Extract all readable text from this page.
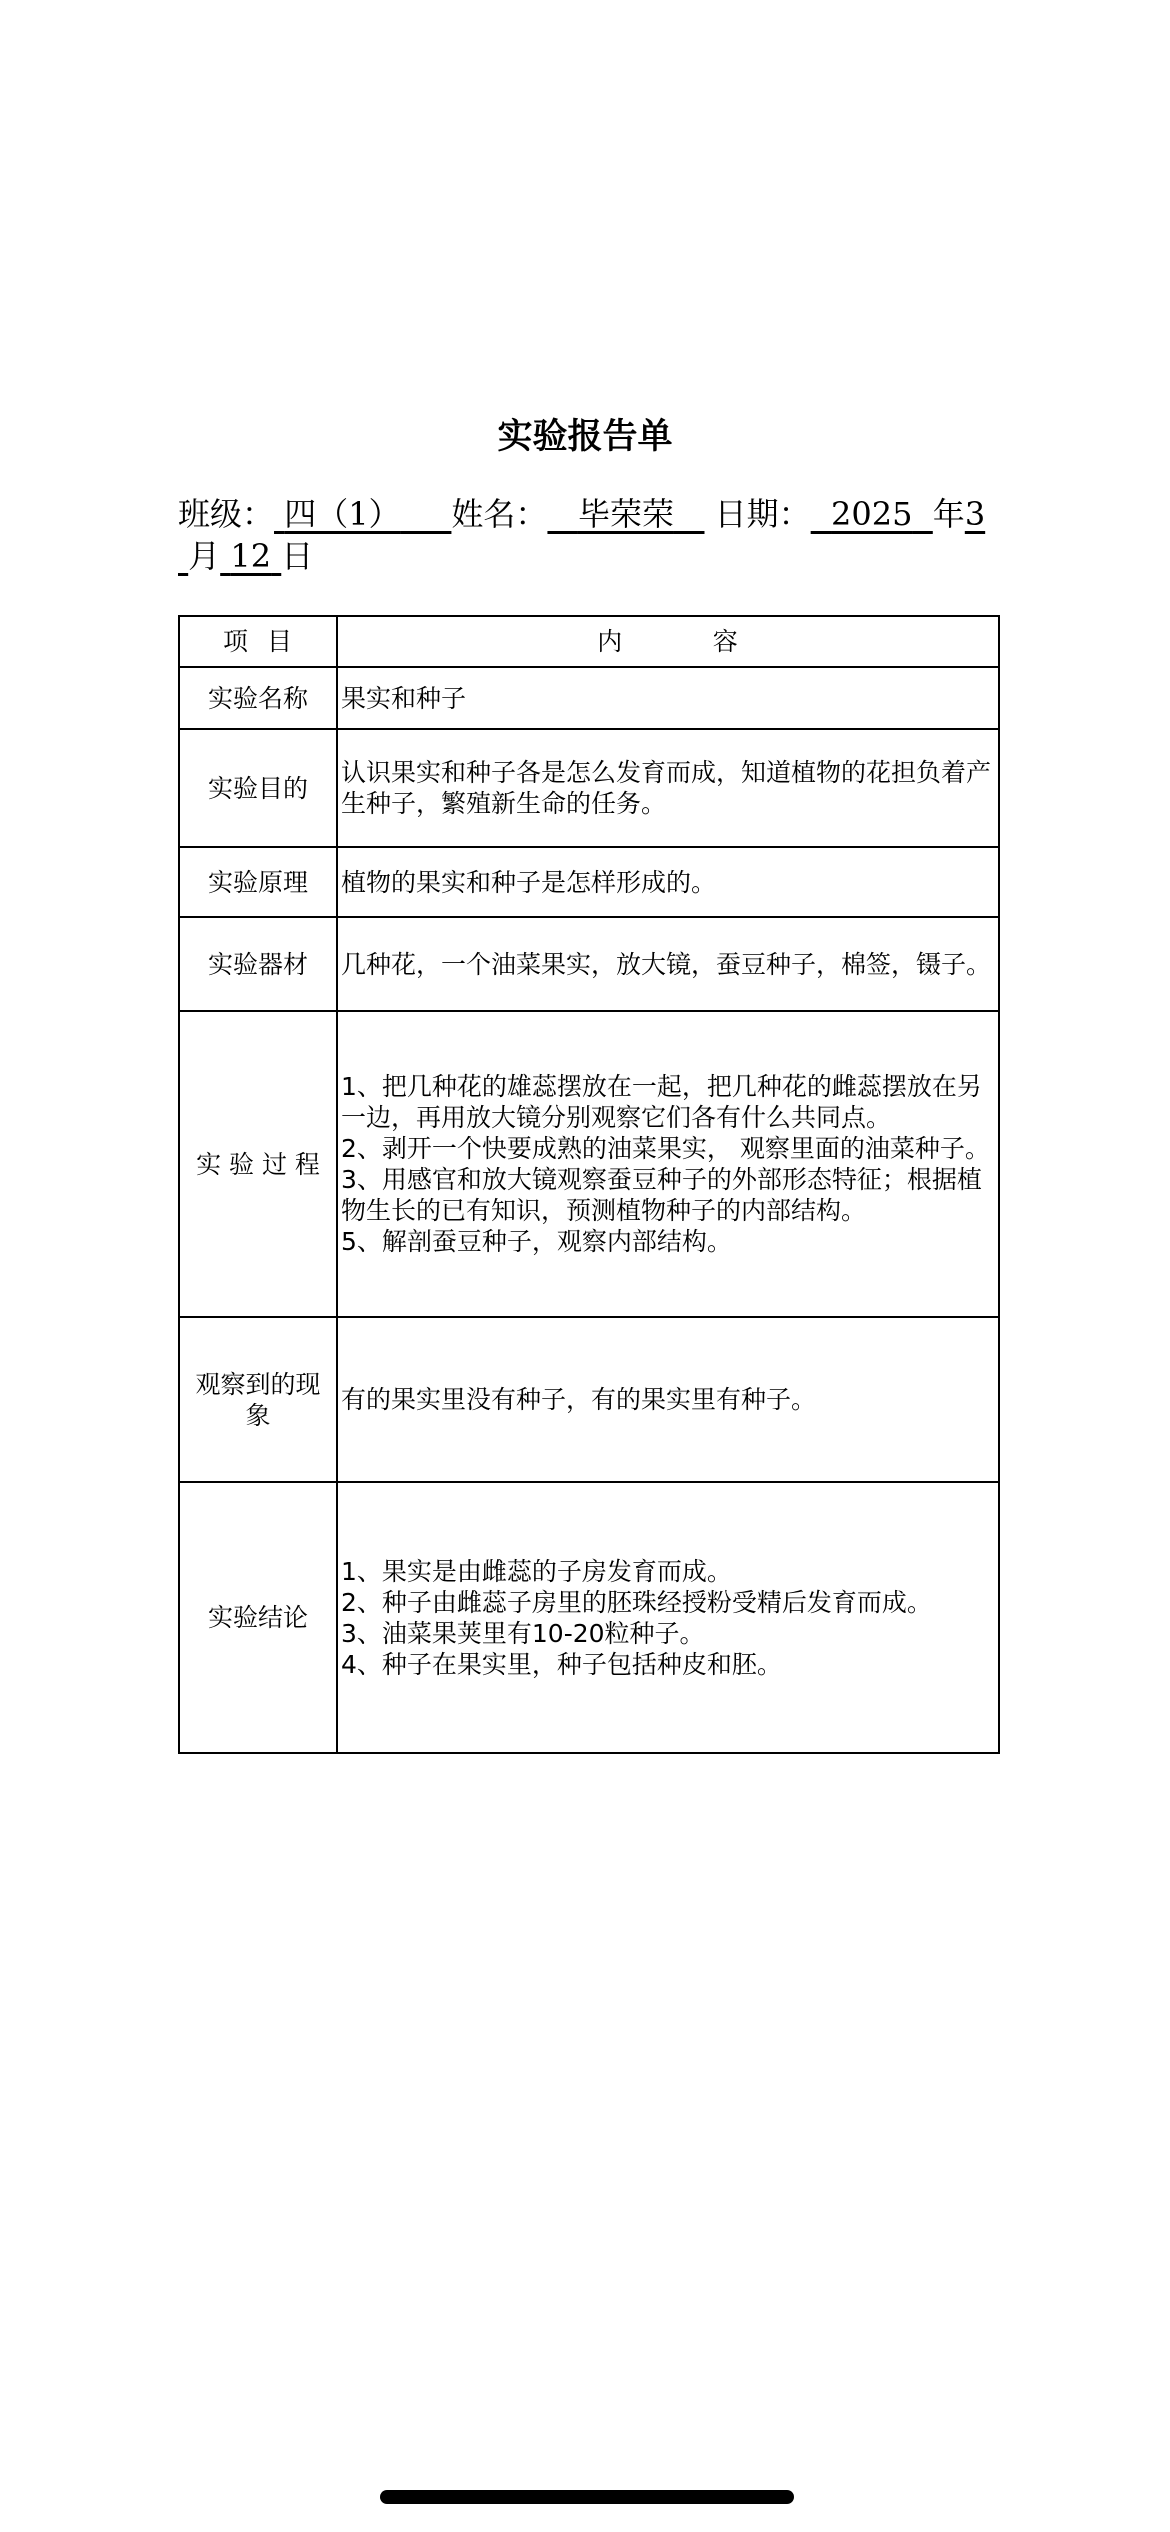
实验报告单
班级： 四（1） 姓名： 毕荣荣 日期： 2025 年3
月 12 日
项  目	内          容
实验名称	果实和种子

实验目的	认识果实和种子各是怎么发育而成，知道植物的花担负着产生种子，繁殖新生命的任务。

实验原理	植物的果实和种子是怎样形成的。

实验器材	几种花，一个油菜果实，放大镜，蚕豆种子，棉签，镊子。

实 验 过 程	1、把几种花的雄蕊摆放在一起，把几种花的雌蕊摆放在另一边，再用放大镜分别观察它们各有什么共同点。
2、剥开一个快要成熟的油菜果实， 观察里面的油菜种子。
3、用感官和放大镜观察蚕豆种子的外部形态特征；根据植物生长的已有知识，预测植物种子的内部结构。
5、解剖蚕豆种子，观察内部结构。

观察到的现象	有的果实里没有种子，有的果实里有种子。

实验结论	1、果实是由雌蕊的子房发育而成。
2、种子由雌蕊子房里的胚珠经授粉受精后发育而成。
3、油菜果荚里有10-20粒种子。
4、种子在果实里，种子包括种皮和胚。
